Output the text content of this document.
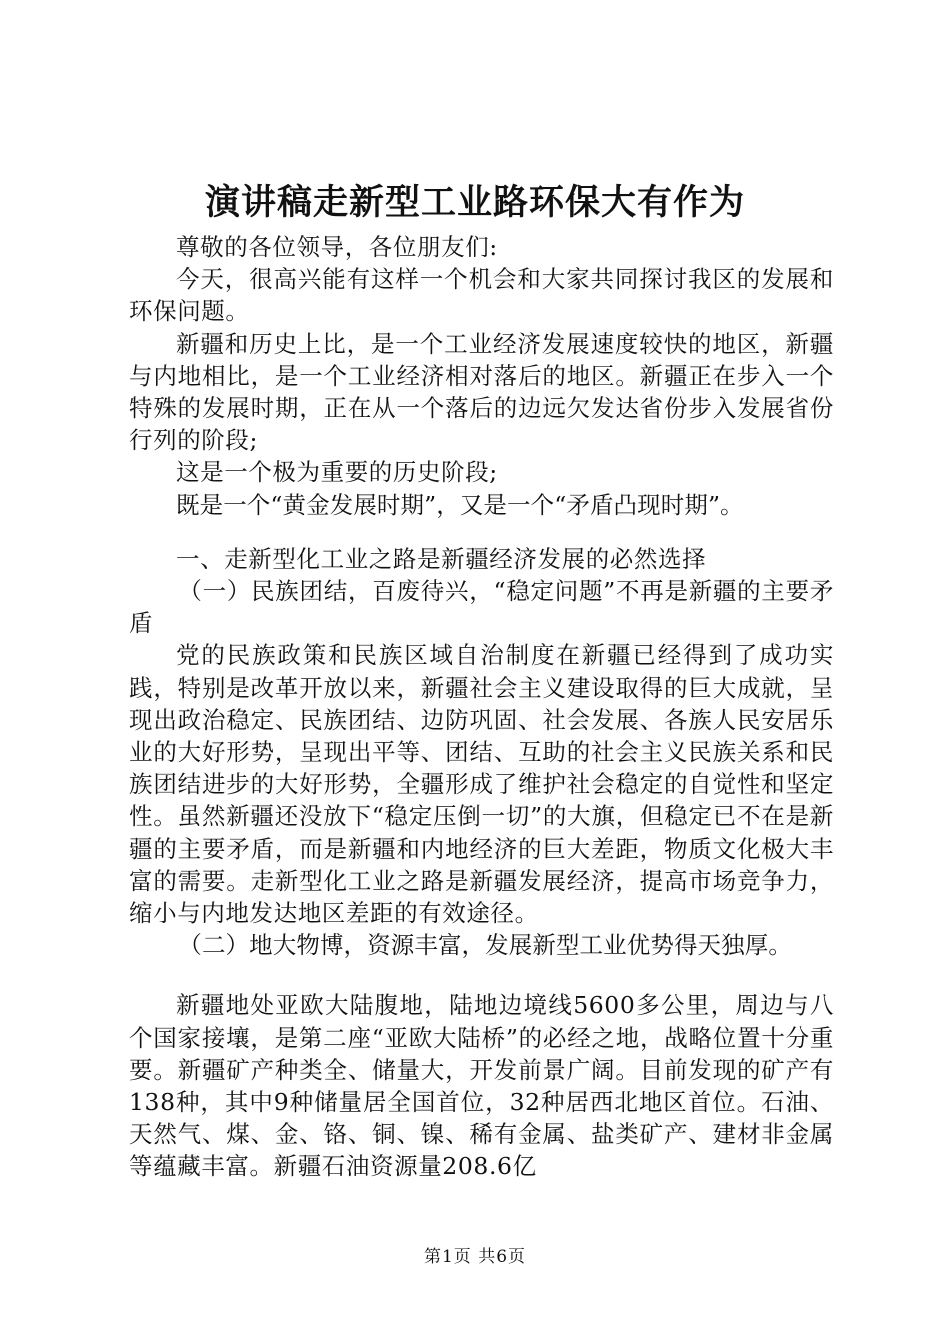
演讲稿走新型工业路环保大有作为

尊敬的各位领导，各位朋友们:

今天，很高兴能有这样一个机会和大家共同探讨我区的发展和环保问题。

新疆和历史上比，是一个工业经济发展速度较快的地区，新疆与内地相比，是一个工业经济相对落后的地区。新疆正在步入一个特殊的发展时期，正在从一个落后的边远欠发达省份步入发展省份行列的阶段;

这是一个极为重要的历史阶段;

既是一个“黄金发展时期”，又是一个“矛盾凸现时期”。

一、走新型化工业之路是新疆经济发展的必然选择

（一）民族团结，百废待兴，“稳定问题”不再是新疆的主要矛盾

党的民族政策和民族区域自治制度在新疆已经得到了成功实践，特别是改革开放以来，新疆社会主义建设取得的巨大成就，呈现出政治稳定、民族团结、边防巩固、社会发展、各族人民安居乐业的大好形势，呈现出平等、团结、互助的社会主义民族关系和民族团结进步的大好形势，全疆形成了维护社会稳定的自觉性和坚定性。虽然新疆还没放下“稳定压倒一切”的大旗，但稳定已不在是新疆的主要矛盾，而是新疆和内地经济的巨大差距，物质文化极大丰富的需要。走新型化工业之路是新疆发展经济，提高市场竞争力，缩小与内地发达地区差距的有效途径。

（二）地大物博，资源丰富，发展新型工业优势得天独厚。

新疆地处亚欧大陆腹地，陆地边境线5600多公里，周边与八个国家接壤，是第二座“亚欧大陆桥”的必经之地，战略位置十分重要。新疆矿产种类全、储量大，开发前景广阔。目前发现的矿产有138种，其中9种储量居全国首位，32种居西北地区首位。石油、天然气、煤、金、铬、铜、镍、稀有金属、盐类矿产、建材非金属等蕴藏丰富。新疆石油资源量208.6亿

第1页 共6页
